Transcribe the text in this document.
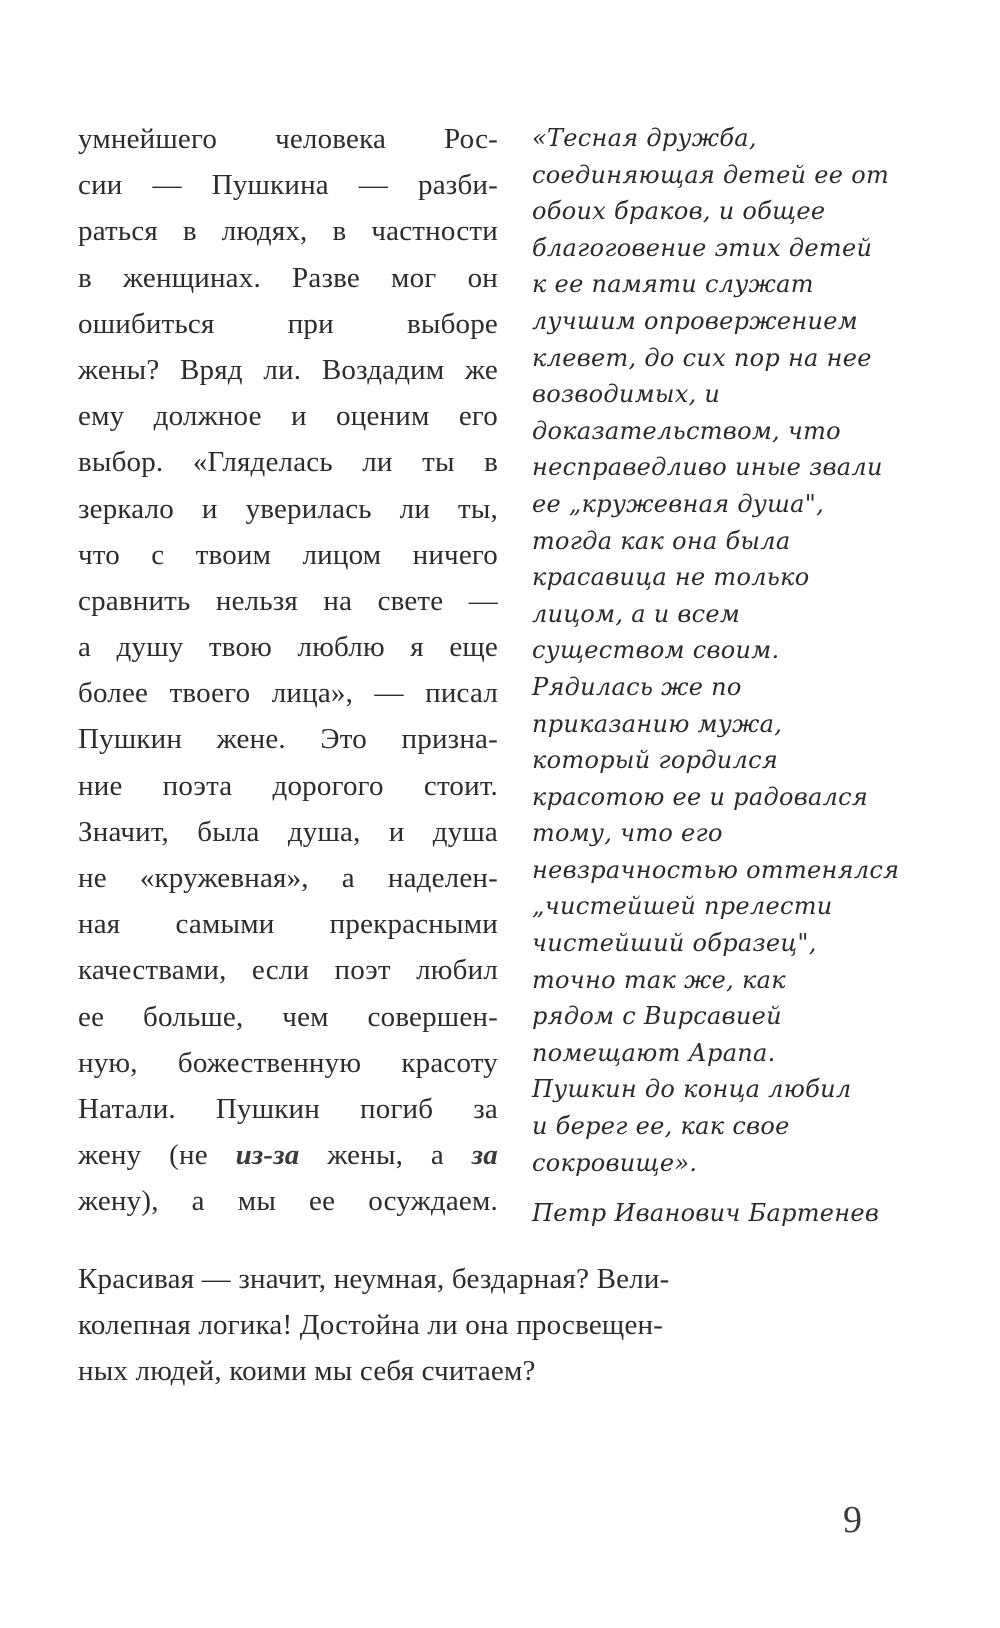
умнейшего человека Рос-
сии — Пушкина — разби-
раться в людях, в частности
в женщинах. Разве мог он
ошибиться при выборе
жены? Вряд ли. Воздадим же
ему должное и оценим его
выбор. «Гляделась ли ты в
зеркало и уверилась ли ты,
что с твоим лицом ничего
сравнить нельзя на свете —
а душу твою люблю я еще
более твоего лица», — писал
Пушкин жене. Это призна-
ние поэта дорогого стоит.
Значит, была душа, и душа
не «кружевная», а наделен-
ная самыми прекрасными
качествами, если поэт любил
ее больше, чем совершен-
ную, божественную красоту
Натали. Пушкин погиб за
жену (не из-за жены, а за
жену), а мы ее осуждаем.
«Тесная дружба,
соединяющая детей ее от
обоих браков, и общее
благоговение этих детей
к ее памяти служат
лучшим опровержением
клевет, до сих пор на нее
возводимых, и
доказательством, что
несправедливо иные звали
ее „кружевная душа",
тогда как она была
красавица не только
лицом, а и всем
существом своим.
Рядилась же по
приказанию мужа,
который гордился
красотою ее и радовался
тому, что его
невзрачностью оттенялся
„чистейшей прелести
чистейший образец",
точно так же, как
рядом с Вирсавией
помещают Арапа.
Пушкин до конца любил
и берег ее, как свое
сокровище».
Петр Иванович Бартенев
Красивая — значит, неумная, бездарная? Вели-
колепная логика! Достойна ли она просвещен-
ных людей, коими мы себя считаем?
9
